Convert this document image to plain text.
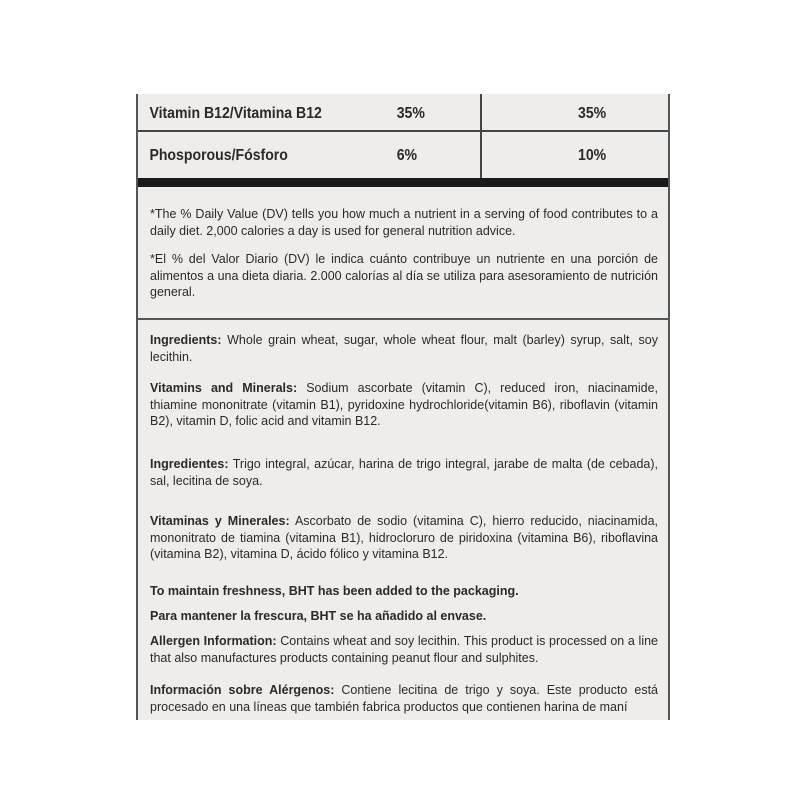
Vitamin B12/Vitamina B12	35%	35%
Phosporous/Fósforo	6%	10%
*The % Daily Value (DV) tells you how much a nutrient in a serving of food contributes to a daily diet. 2,000 calories a day is used for general nutrition advice.
*El % del Valor Diario (DV) le indica cuánto contribuye un nutriente en una porción de alimentos a una dieta diaria. 2.000 calorías al día se utiliza para asesoramiento de nutrición general.
Ingredients: Whole grain wheat, sugar, whole wheat flour, malt (barley) syrup, salt, soy lecithin.
Vitamins and Minerals: Sodium ascorbate (vitamin C), reduced iron, niacinamide, thiamine mononitrate (vitamin B1), pyridoxine hydrochloride(vitamin B6), riboflavin (vitamin B2), vitamin D, folic acid and vitamin B12.
Ingredientes: Trigo integral, azúcar, harina de trigo integral, jarabe de malta (de cebada), sal, lecitina de soya.
Vitaminas y Minerales: Ascorbato de sodio (vitamina C), hierro reducido, niacinamida, mononitrato de tiamina (vitamina B1), hidrocloruro de piridoxina (vitamina B6), riboflavina (vitamina B2), vitamina D, ácido fólico y vitamina B12.
To maintain freshness, BHT has been added to the packaging.
Para mantener la frescura, BHT se ha añadido al envase.
Allergen Information: Contains wheat and soy lecithin. This product is processed on a line that also manufactures products containing peanut flour and sulphites.
Información sobre Alérgenos: Contiene lecitina de trigo y soya. Este producto está procesado en una líneas que también fabrica productos que contienen harina de maní
